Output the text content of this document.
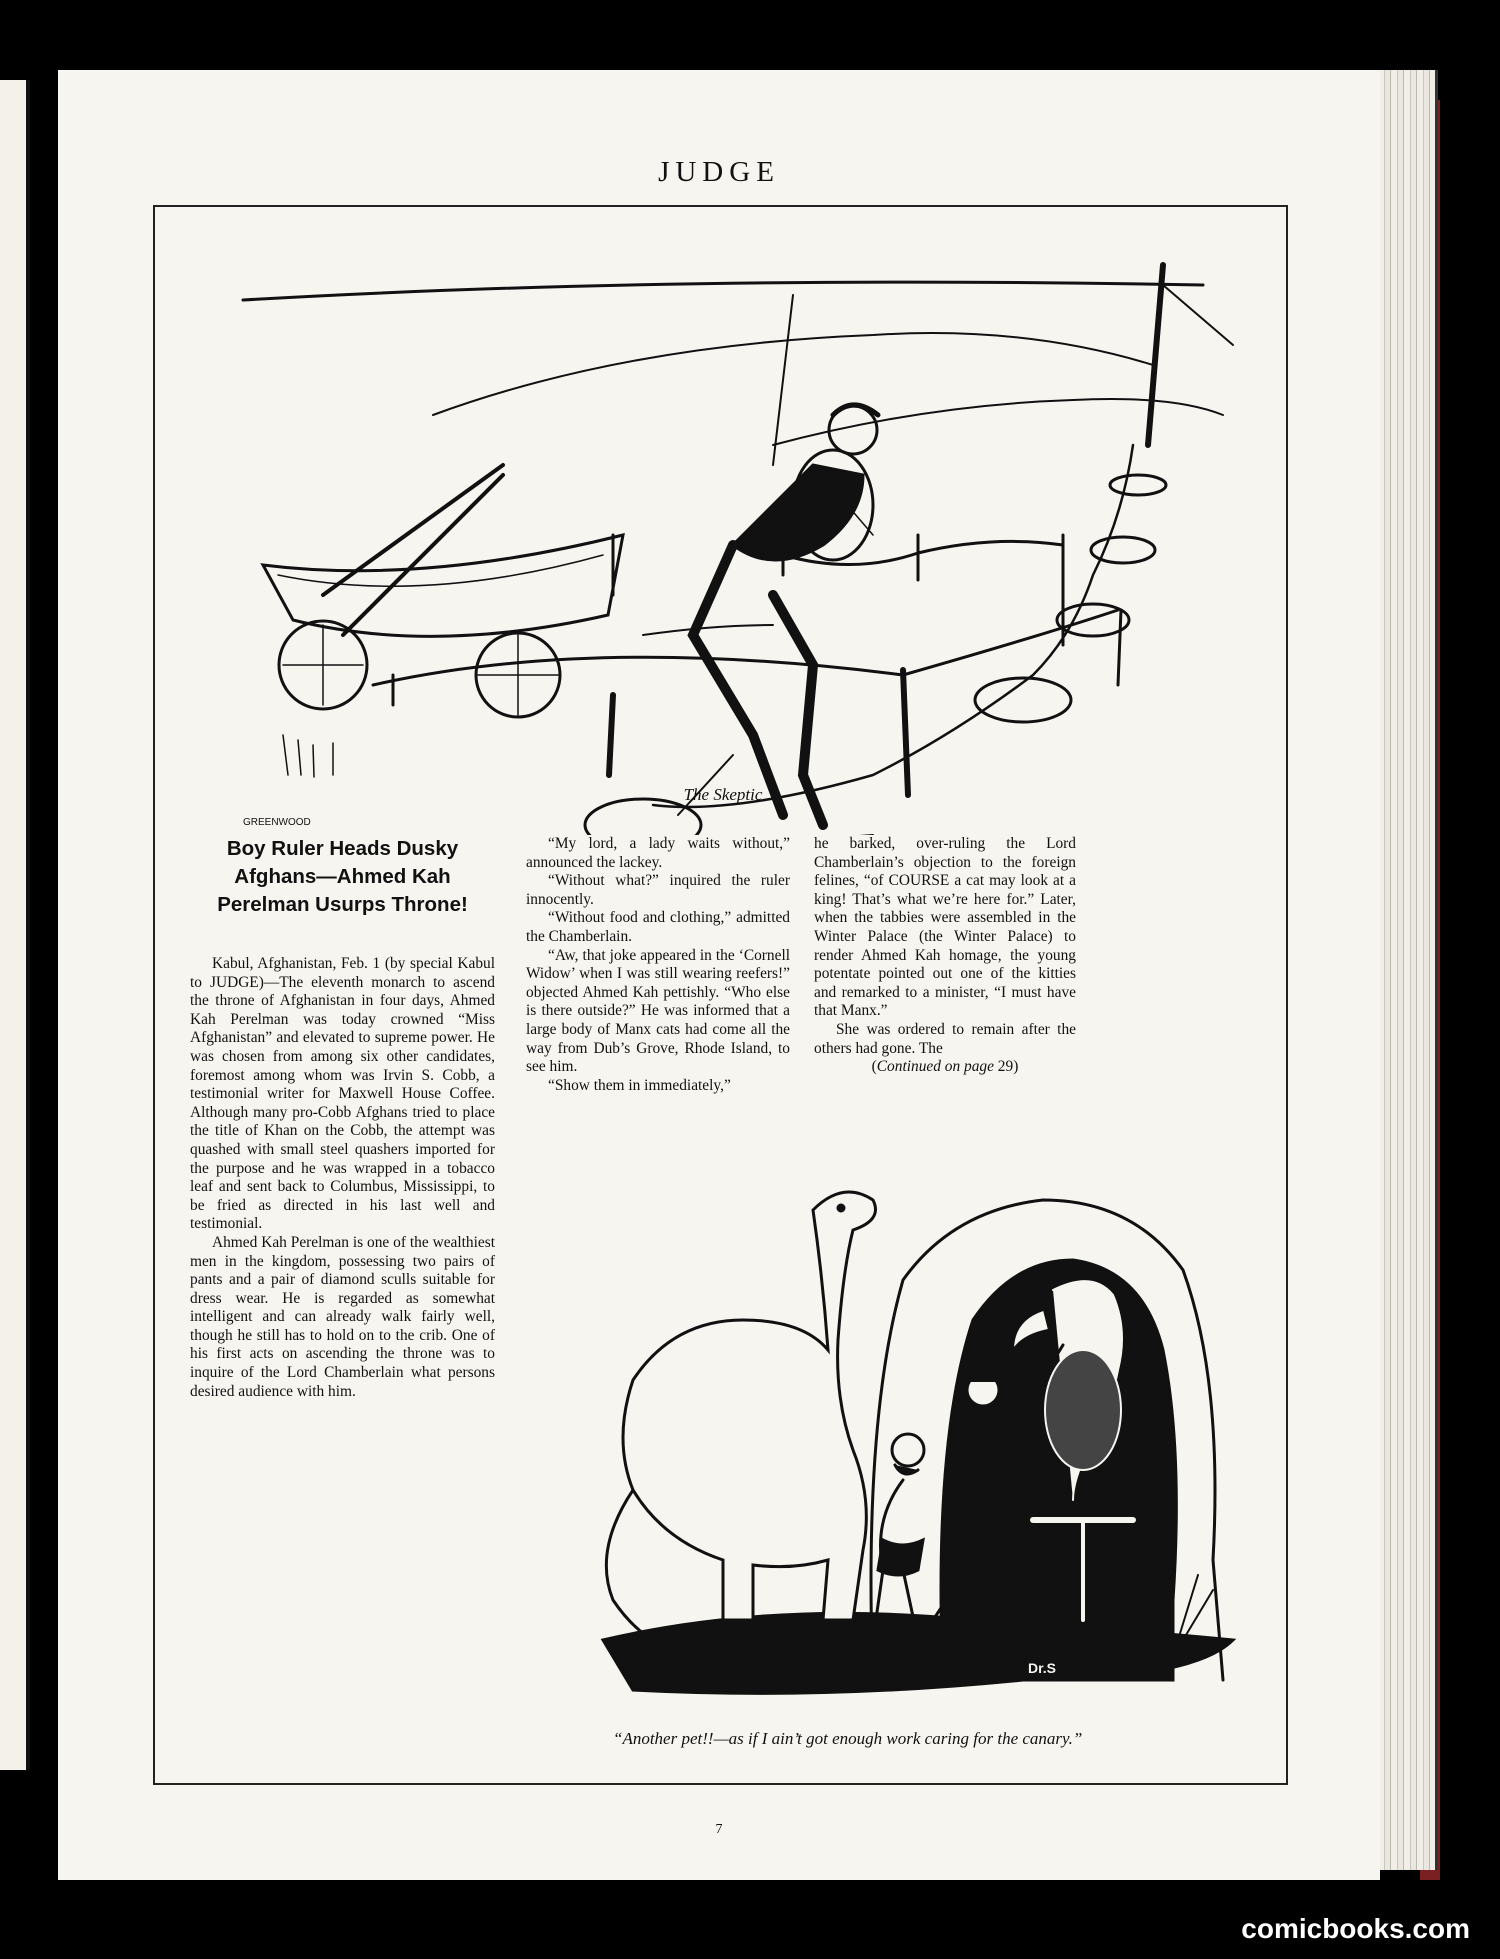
JUDGE
GREENWOOD
The Skeptic
Boy Ruler Heads Dusky Afghans—Ahmed Kah Perelman Usurps Throne!

Kabul, Afghanistan, Feb. 1 (by special Kabul to JUDGE)—The eleventh monarch to ascend the throne of Afghanistan in four days, Ahmed Kah Perelman was today crowned “Miss Afghanistan” and elevated to supreme power. He was chosen from among six other candidates, foremost among whom was Irvin S. Cobb, a testimonial writer for Maxwell House Coffee. Although many pro-Cobb Afghans tried to place the title of Khan on the Cobb, the attempt was quashed with small steel quashers imported for the purpose and he was wrapped in a tobacco leaf and sent back to Columbus, Mississippi, to be fried as directed in his last well and testimonial.

Ahmed Kah Perelman is one of the wealthiest men in the kingdom, possessing two pairs of pants and a pair of diamond sculls suitable for dress wear. He is regarded as somewhat intelligent and can already walk fairly well, though he still has to hold on to the crib. One of his first acts on ascending the throne was to inquire of the Lord Chamberlain what persons desired audience with him.

“My lord, a lady waits without,” announced the lackey.

“Without what?” inquired the ruler innocently.

“Without food and clothing,” admitted the Chamberlain.

“Aw, that joke appeared in the ‘Cornell Widow’ when I was still wearing reefers!” objected Ahmed Kah pettishly. “Who else is there outside?” He was informed that a large body of Manx cats had come all the way from Dub’s Grove, Rhode Island, to see him.

“Show them in immediately,”

he barked, over-ruling the Lord Chamberlain’s objection to the foreign felines, “of COURSE a cat may look at a king! That’s what we’re here for.” Later, when the tabbies were assembled in the Winter Palace (the Winter Palace) to render Ahmed Kah homage, the young potentate pointed out one of the kitties and remarked to a minister, “I must have that Manx.”

She was ordered to remain after the others had gone. The

(Continued on page 29)

Dr.S
“Another pet!!—as if I ain’t got enough work caring for the canary.”
7
comicbooks.com
